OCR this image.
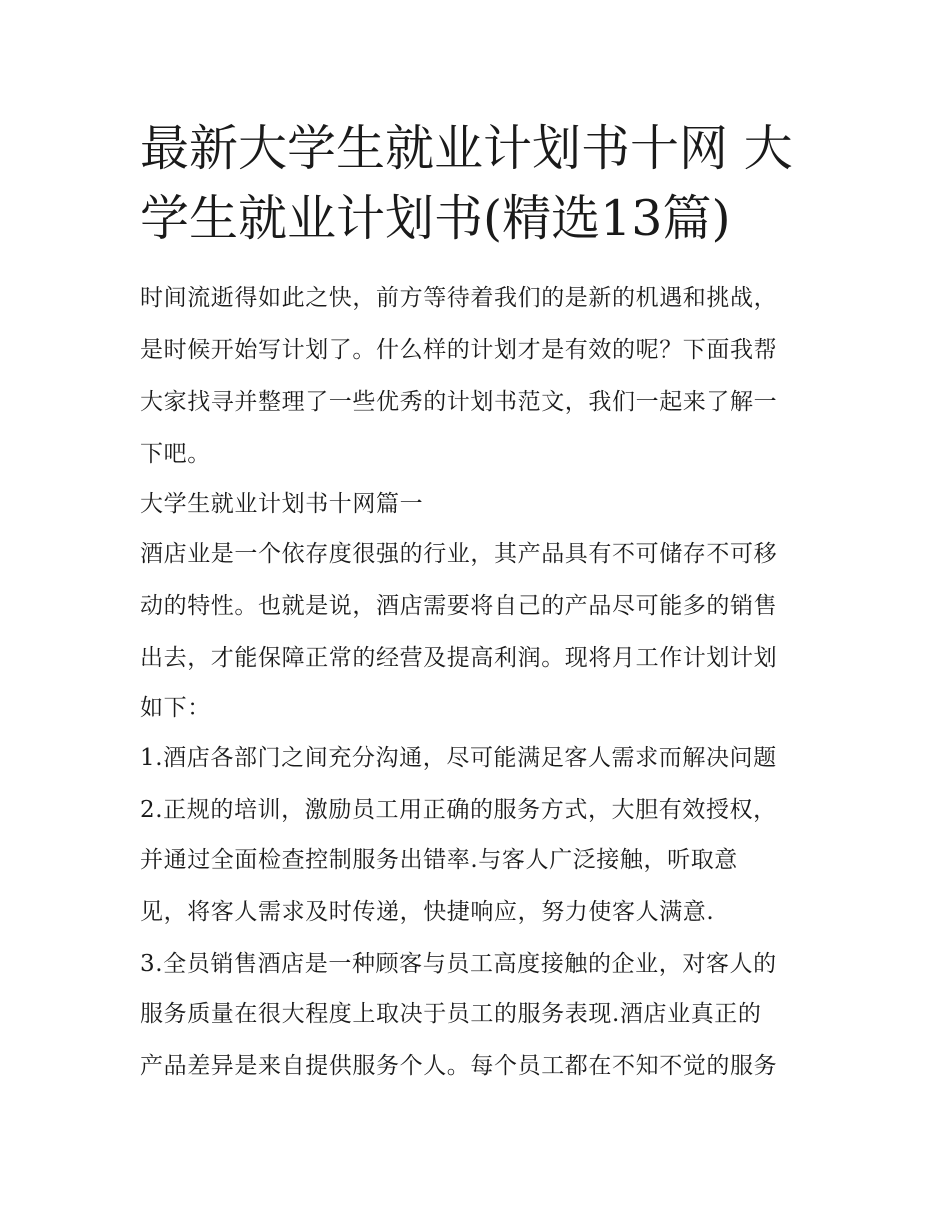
最新大学生就业计划书十网 大
学生就业计划书(精选13篇)

时间流逝得如此之快，前方等待着我们的是新的机遇和挑战，

是时候开始写计划了。什么样的计划才是有效的呢？下面我帮

大家找寻并整理了一些优秀的计划书范文，我们一起来了解一

下吧。

大学生就业计划书十网篇一

酒店业是一个依存度很强的行业，其产品具有不可储存不可移

动的特性。也就是说，酒店需要将自己的产品尽可能多的销售

出去，才能保障正常的经营及提高利润。现将月工作计划计划

如下：

1.酒店各部门之间充分沟通，尽可能满足客人需求而解决问题

2.正规的培训，激励员工用正确的服务方式，大胆有效授权，

并通过全面检查控制服务出错率.与客人广泛接触，听取意

见，将客人需求及时传递，快捷响应，努力使客人满意.

3.全员销售酒店是一种顾客与员工高度接触的企业，对客人的

服务质量在很大程度上取决于员工的服务表现.酒店业真正的

产品差异是来自提供服务个人。每个员工都在不知不觉的服务
